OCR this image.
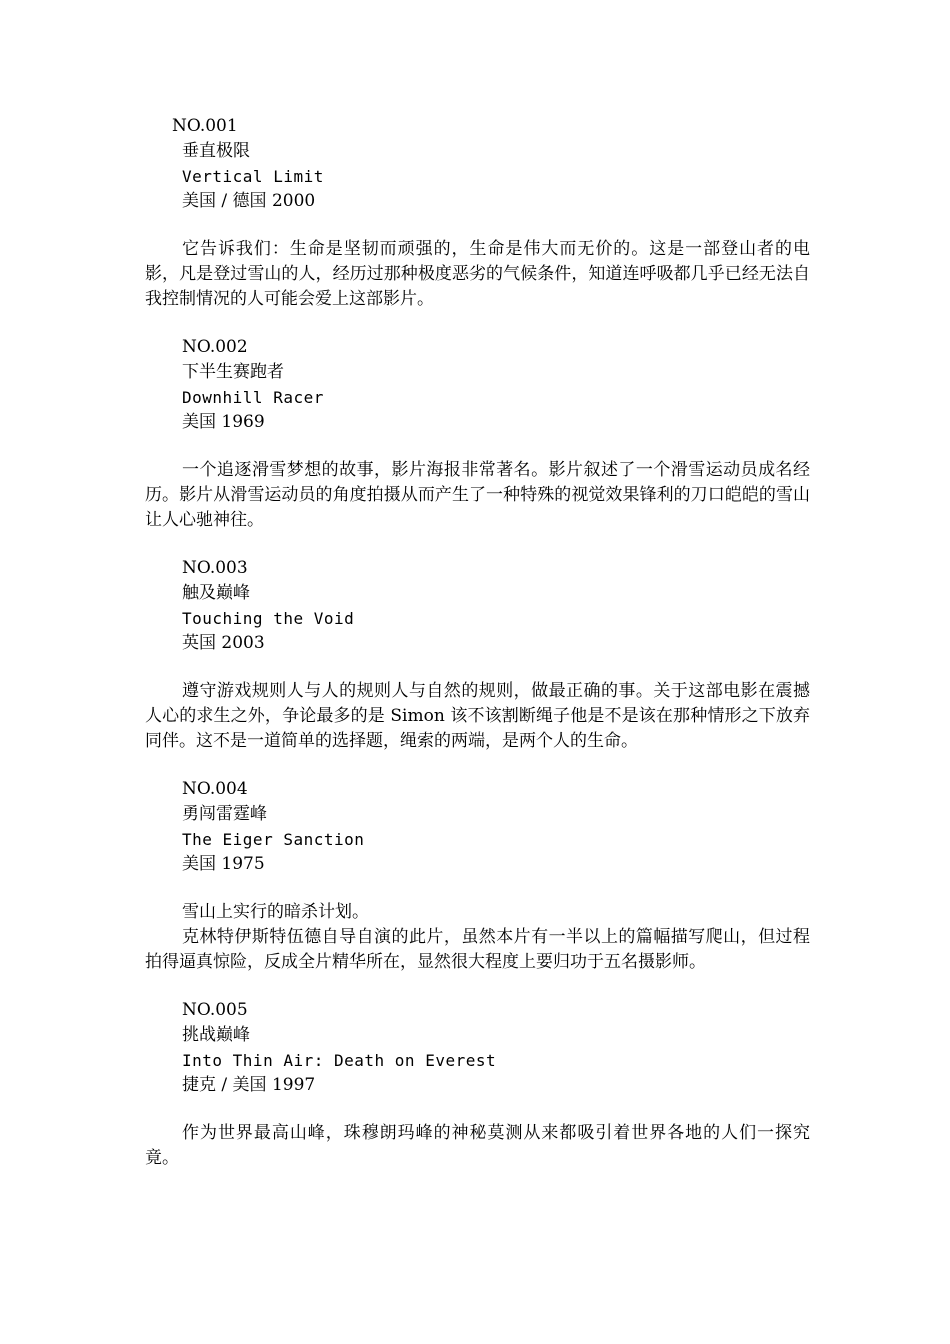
NO.001
垂直极限
Vertical Limit
美国 / 德国 2000

它告诉我们：生命是坚韧而顽强的，生命是伟大而无价的。这是一部登山者的电影，凡是登过雪山的人，经历过那种极度恶劣的气候条件，知道连呼吸都几乎已经无法自我控制情况的人可能会爱上这部影片。

NO.002
下半生赛跑者
Downhill Racer
美国 1969

一个追逐滑雪梦想的故事，影片海报非常著名。影片叙述了一个滑雪运动员成名经历。影片从滑雪运动员的角度拍摄从而产生了一种特殊的视觉效果锋利的刀口皑皑的雪山让人心驰神往。

NO.003
触及巅峰
Touching the Void
英国 2003

遵守游戏规则人与人的规则人与自然的规则，做最正确的事。关于这部电影在震撼人心的求生之外，争论最多的是 Simon 该不该割断绳子他是不是该在那种情形之下放弃同伴。这不是一道简单的选择题，绳索的两端，是两个人的生命。

NO.004
勇闯雷霆峰
The Eiger Sanction
美国 1975

雪山上实行的暗杀计划。

克林特伊斯特伍德自导自演的此片，虽然本片有一半以上的篇幅描写爬山，但过程拍得逼真惊险，反成全片精华所在，显然很大程度上要归功于五名摄影师。

NO.005
挑战巅峰
Into Thin Air: Death on Everest
捷克 / 美国 1997

作为世界最高山峰，珠穆朗玛峰的神秘莫测从来都吸引着世界各地的人们一探究竟。
